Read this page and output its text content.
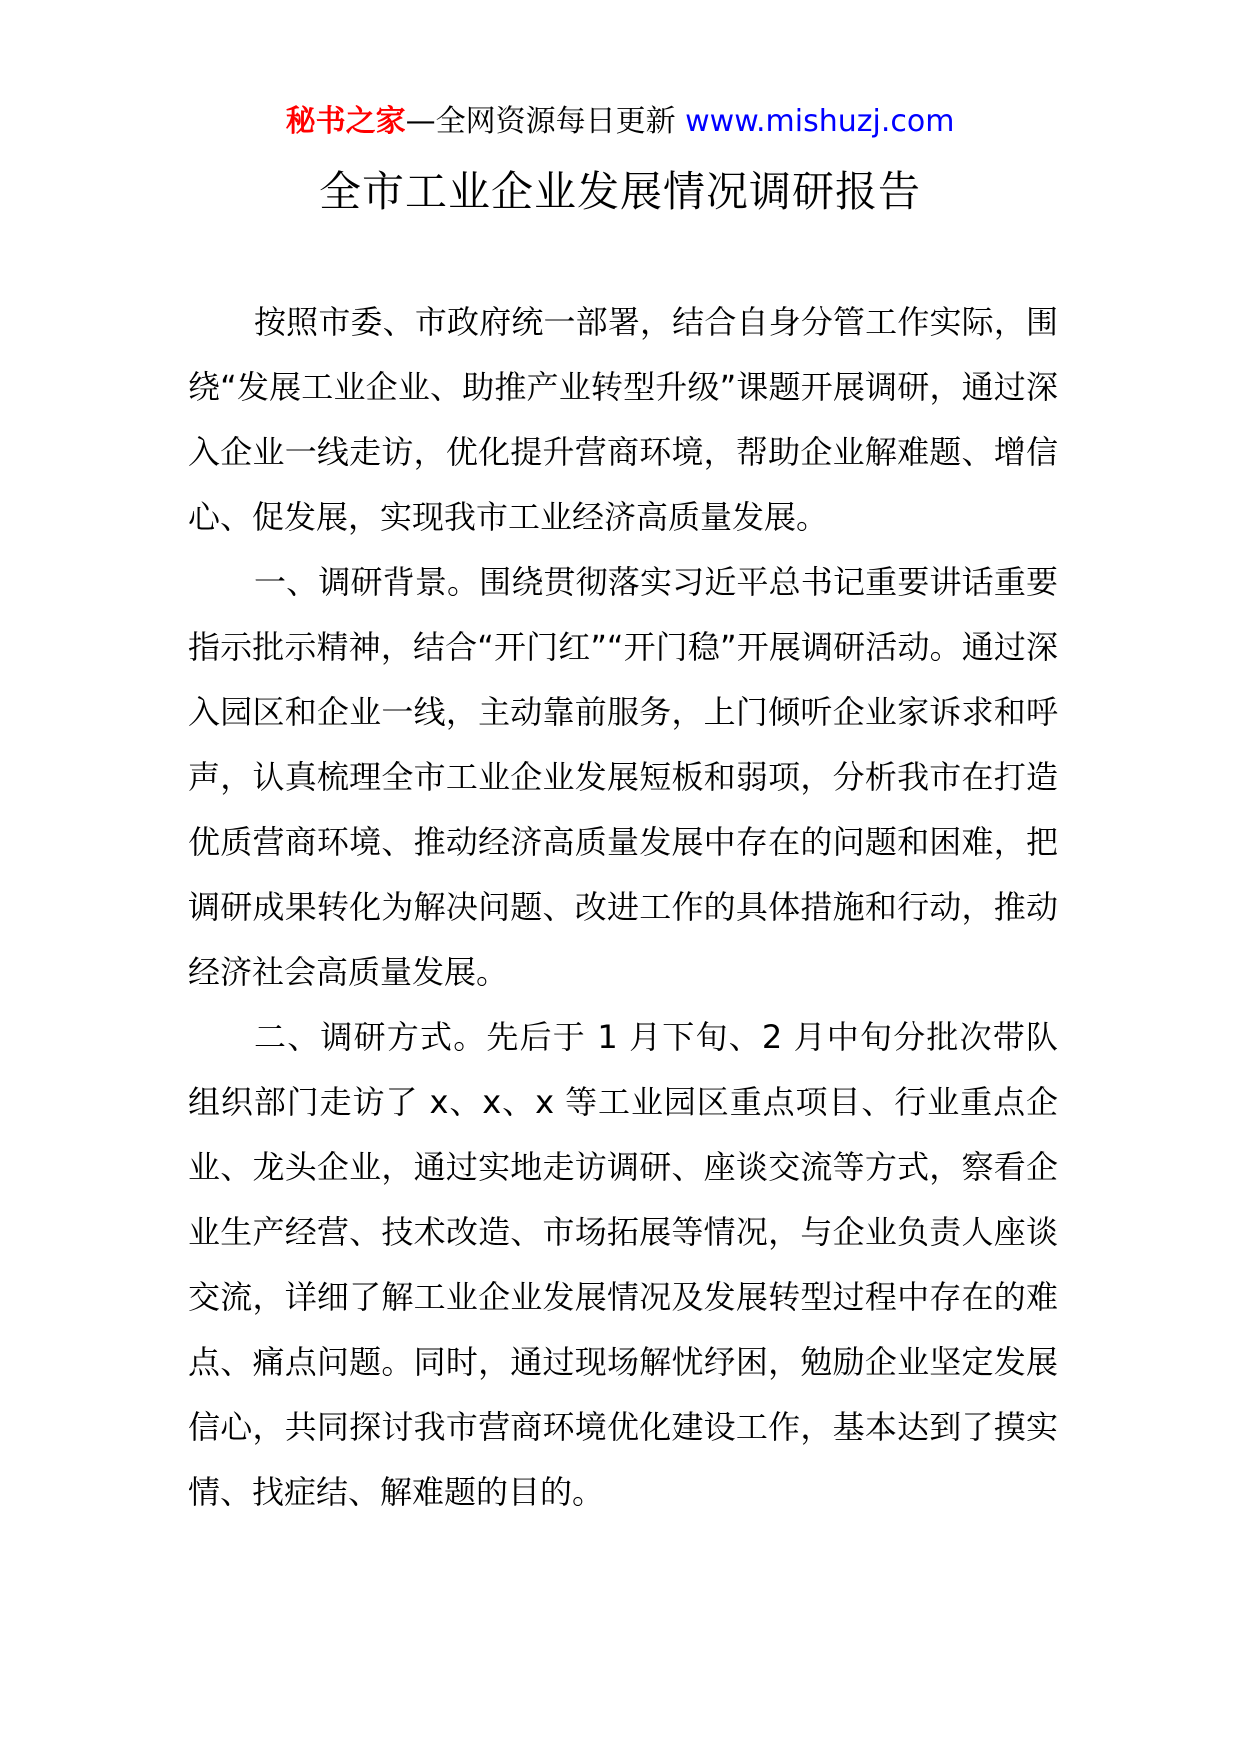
秘书之家—全网资源每日更新 www.mishuzj.com
全市工业企业发展情况调研报告

按照市委、市政府统一部署，结合自身分管工作实际，围绕“发展工业企业、助推产业转型升级”课题开展调研，通过深入企业一线走访，优化提升营商环境，帮助企业解难题、增信心、促发展，实现我市工业经济高质量发展。

一、调研背景。围绕贯彻落实习近平总书记重要讲话重要指示批示精神，结合“开门红”“开门稳”开展调研活动。通过深入园区和企业一线，主动靠前服务，上门倾听企业家诉求和呼声，认真梳理全市工业企业发展短板和弱项，分析我市在打造优质营商环境、推动经济高质量发展中存在的问题和困难，把调研成果转化为解决问题、改进工作的具体措施和行动，推动经济社会高质量发展。

二、调研方式。先后于 1 月下旬、2 月中旬分批次带队组织部门走访了 x、x、x 等工业园区重点项目、行业重点企业、龙头企业，通过实地走访调研、座谈交流等方式，察看企业生产经营、技术改造、市场拓展等情况，与企业负责人座谈交流，详细了解工业企业发展情况及发展转型过程中存在的难点、痛点问题。同时，通过现场解忧纾困，勉励企业坚定发展信心，共同探讨我市营商环境优化建设工作，基本达到了摸实情、找症结、解难题的目的。
